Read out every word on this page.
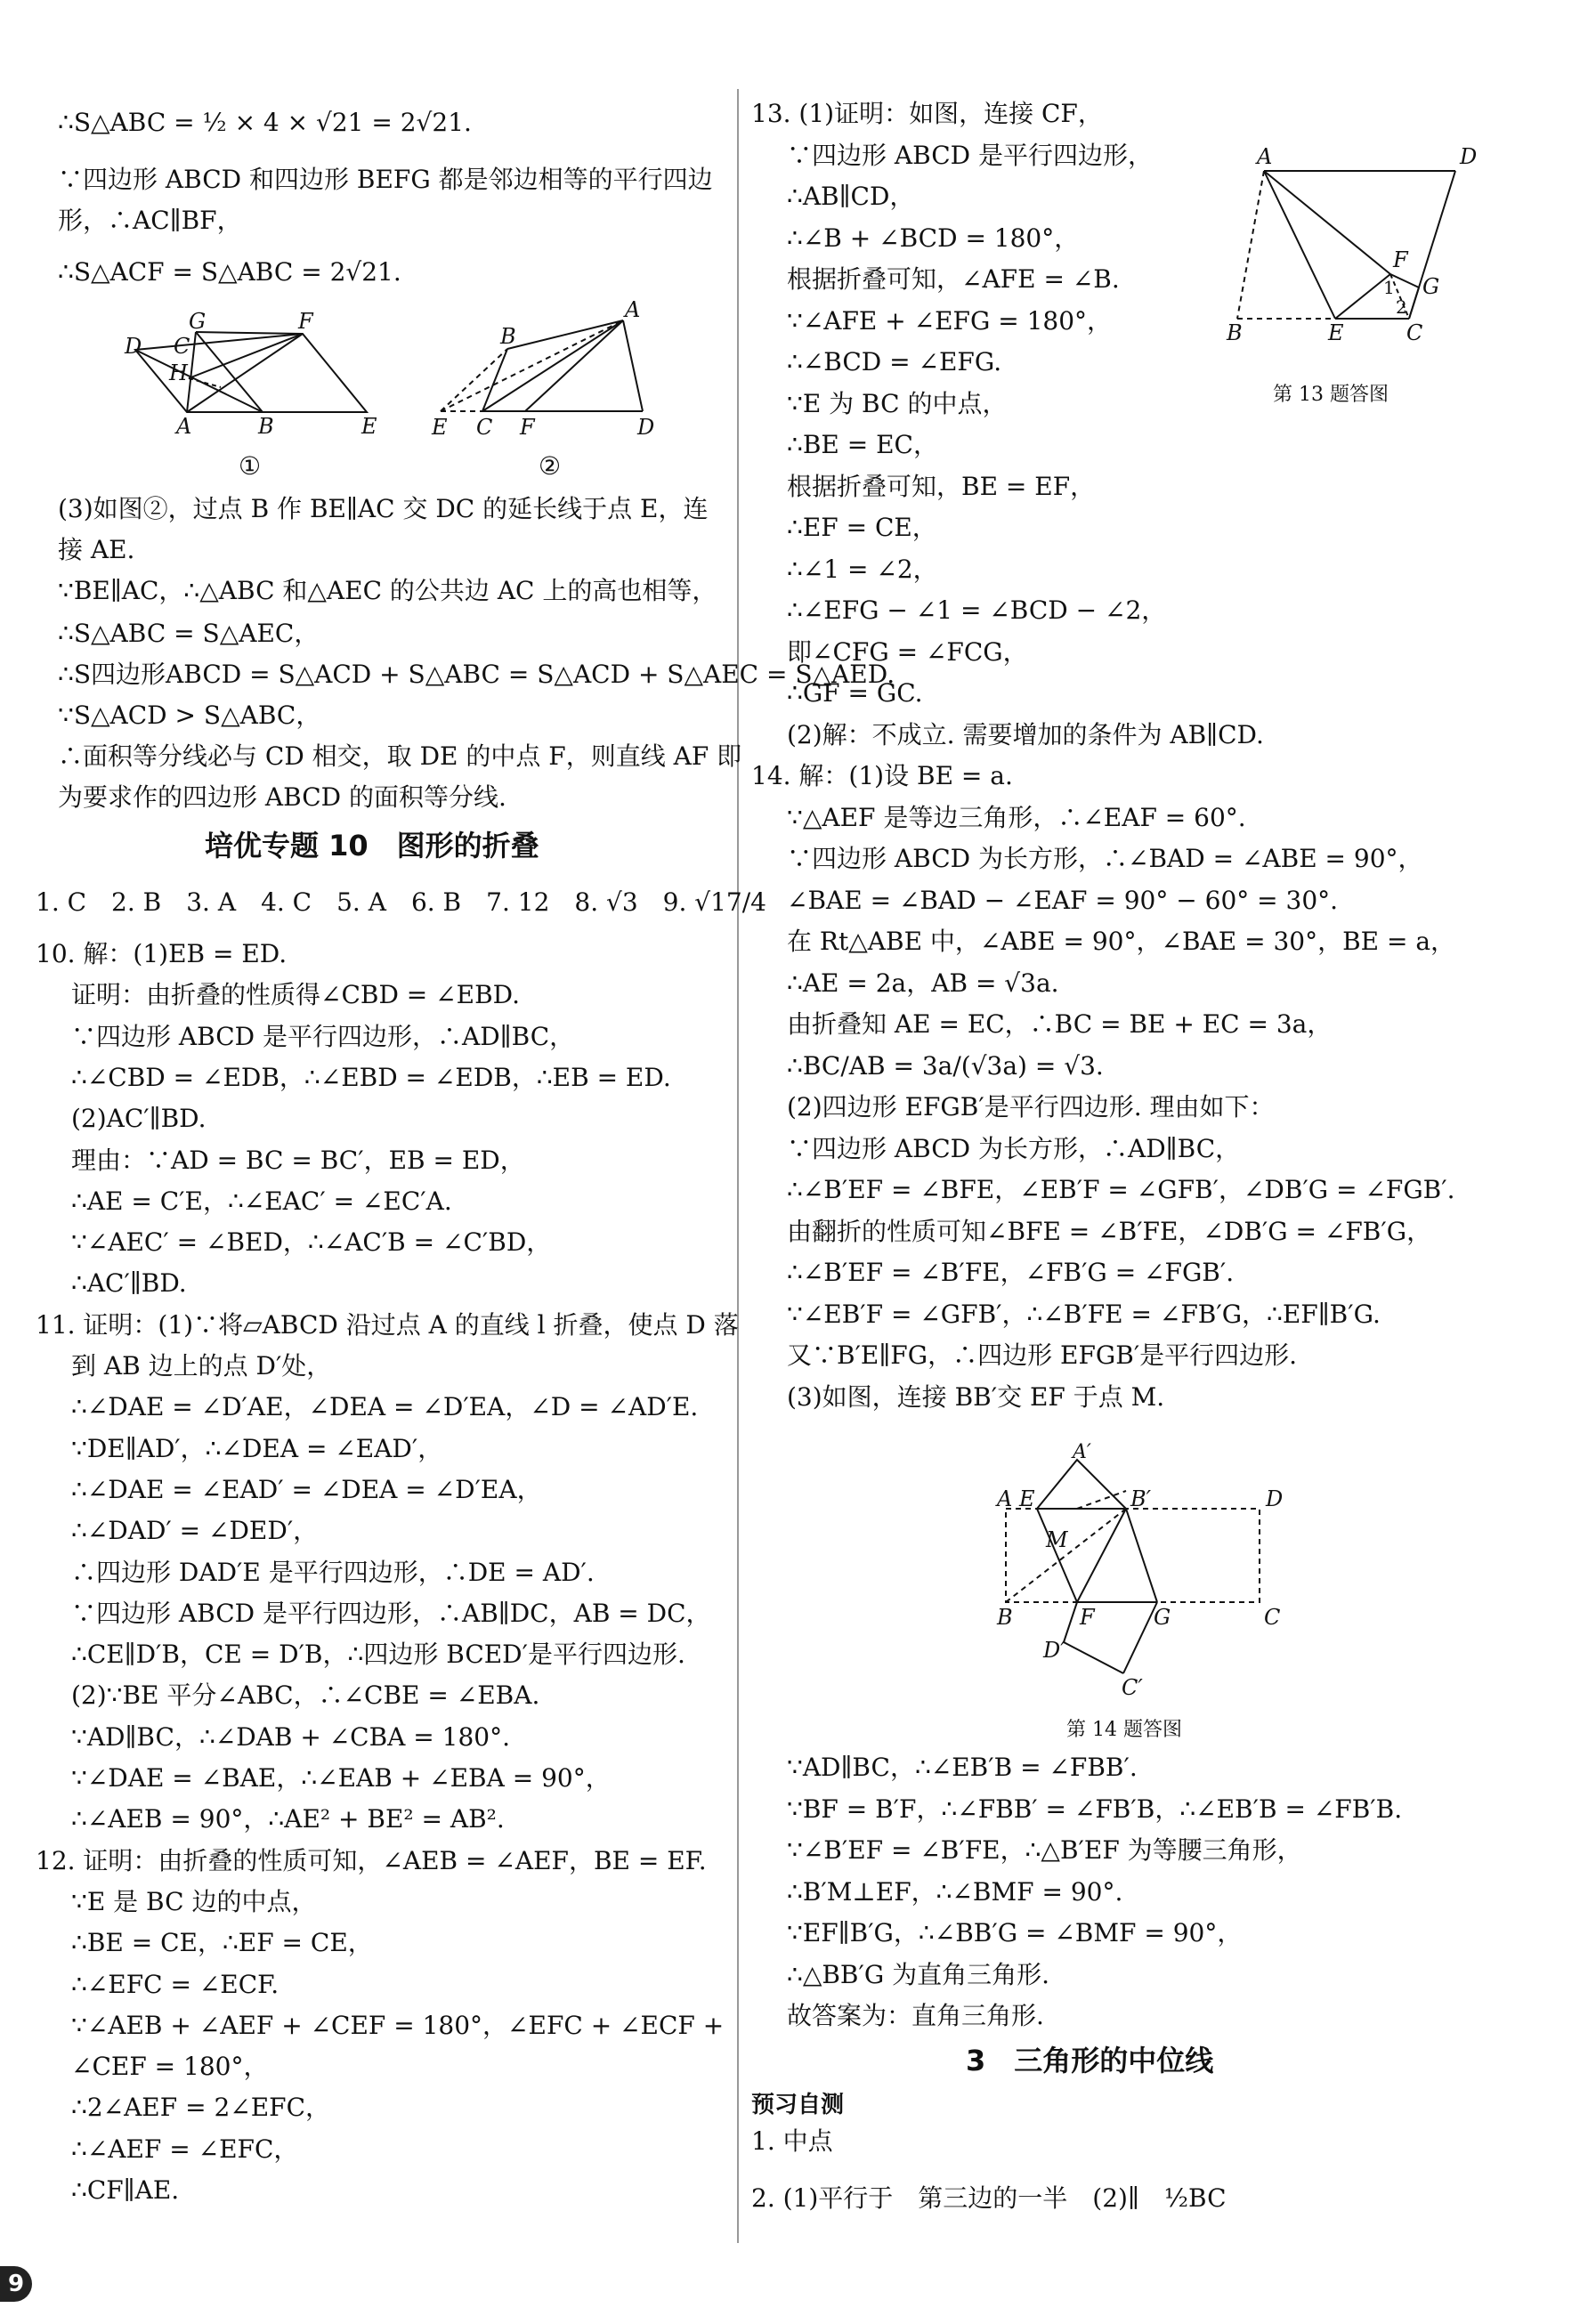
∴S△ABC = ½ × 4 × √21 = 2√21.
∵四边形 ABCD 和四边形 BEFG 都是邻边相等的平行四边
形，∴AC∥BF，
∴S△ACF = S△ABC = 2√21.
D C
G	F
H
A	B	E
①
A
B
E C F	D
②
(3)如图②，过点 B 作 BE∥AC 交 DC 的延长线于点 E，连
接 AE.
∵BE∥AC，∴△ABC 和△AEC 的公共边 AC 上的高也相等，
∴S△ABC = S△AEC，
∴S四边形ABCD = S△ACD + S△ABC = S△ACD + S△AEC = S△AED.
∵S△ACD > S△ABC，
∴面积等分线必与 CD 相交，取 DE 的中点 F，则直线 AF 即
为要求作的四边形 ABCD 的面积等分线.
培优专题 10　图形的折叠
1. C　2. B　3. A　4. C　5. A　6. B　7. 12　8. √3　9. √17/4
10. 解：(1)EB = ED.
证明：由折叠的性质得∠CBD = ∠EBD.
∵四边形 ABCD 是平行四边形，∴AD∥BC，
∴∠CBD = ∠EDB，∴∠EBD = ∠EDB，∴EB = ED.
(2)AC′∥BD.
理由：∵AD = BC = BC′，EB = ED，
∴AE = C′E，∴∠EAC′ = ∠EC′A.
∵∠AEC′ = ∠BED，∴∠AC′B = ∠C′BD，
∴AC′∥BD.
11. 证明：(1)∵将▱ABCD 沿过点 A 的直线 l 折叠，使点 D 落
到 AB 边上的点 D′处，
∴∠DAE = ∠D′AE，∠DEA = ∠D′EA，∠D = ∠AD′E.
∵DE∥AD′，∴∠DEA = ∠EAD′，
∴∠DAE = ∠EAD′ = ∠DEA = ∠D′EA，
∴∠DAD′ = ∠DED′，
∴四边形 DAD′E 是平行四边形，∴DE = AD′.
∵四边形 ABCD 是平行四边形，∴AB∥DC，AB = DC，
∴CE∥D′B，CE = D′B，∴四边形 BCED′是平行四边形.
(2)∵BE 平分∠ABC，∴∠CBE = ∠EBA.
∵AD∥BC，∴∠DAB + ∠CBA = 180°.
∵∠DAE = ∠BAE，∴∠EAB + ∠EBA = 90°，
∴∠AEB = 90°，∴AE² + BE² = AB².
12. 证明：由折叠的性质可知，∠AEB = ∠AEF，BE = EF.
∵E 是 BC 边的中点，
∴BE = CE，∴EF = CE，
∴∠EFC = ∠ECF.
∵∠AEB + ∠AEF + ∠CEF = 180°，∠EFC + ∠ECF +
∠CEF = 180°，
∴2∠AEF = 2∠EFC，
∴∠AEF = ∠EFC，
∴CF∥AE.
13. (1)证明：如图，连接 CF，
∵四边形 ABCD 是平行四边形，
∴AB∥CD，
∴∠B + ∠BCD = 180°，
根据折叠可知，∠AFE = ∠B.
∵∠AFE + ∠EFG = 180°，
∴∠BCD = ∠EFG.
∵E 为 BC 的中点，
∴BE = EC，
根据折叠可知，BE = EF，
∴EF = CE，
∴∠1 = ∠2，
∴∠EFG − ∠1 = ∠BCD − ∠2，
即∠CFG = ∠FCG，
∴GF = GC.
(2)解：不成立. 需要增加的条件为 AB∥CD.
14. 解：(1)设 BE = a.
∵△AEF 是等边三角形，∴∠EAF = 60°.
∵四边形 ABCD 为长方形，∴∠BAD = ∠ABE = 90°，
∠BAE = ∠BAD − ∠EAF = 90° − 60° = 30°.
在 Rt△ABE 中，∠ABE = 90°，∠BAE = 30°，BE = a，
∴AE = 2a，AB = √3a.
由折叠知 AE = EC，∴BC = BE + EC = 3a，
∴BC/AB = 3a/(√3a) = √3.
(2)四边形 EFGB′是平行四边形. 理由如下：
∵四边形 ABCD 为长方形，∴AD∥BC，
∴∠B′EF = ∠BFE，∠EB′F = ∠GFB′，∠DB′G = ∠FGB′.
由翻折的性质可知∠BFE = ∠B′FE，∠DB′G = ∠FB′G，
∴∠B′EF = ∠B′FE，∠FB′G = ∠FGB′.
∵∠EB′F = ∠GFB′，∴∠B′FE = ∠FB′G，∴EF∥B′G.
又∵B′E∥FG，∴四边形 EFGB′是平行四边形.
(3)如图，连接 BB′交 EF 于点 M.
A	D
F
G
1
2
B	E	C
第 13 题答图
A′
A E	B′	D
M
B	F	G	C
D′
C′
第 14 题答图
∵AD∥BC，∴∠EB′B = ∠FBB′.
∵BF = B′F，∴∠FBB′ = ∠FB′B，∴∠EB′B = ∠FB′B.
∵∠B′EF = ∠B′FE，∴△B′EF 为等腰三角形，
∴B′M⊥EF，∴∠BMF = 90°.
∵EF∥B′G，∴∠BB′G = ∠BMF = 90°，
∴△BB′G 为直角三角形.
故答案为：直角三角形.
3　三角形的中位线
预习自测
1. 中点
2. (1)平行于　第三边的一半　(2)∥　½BC
9
